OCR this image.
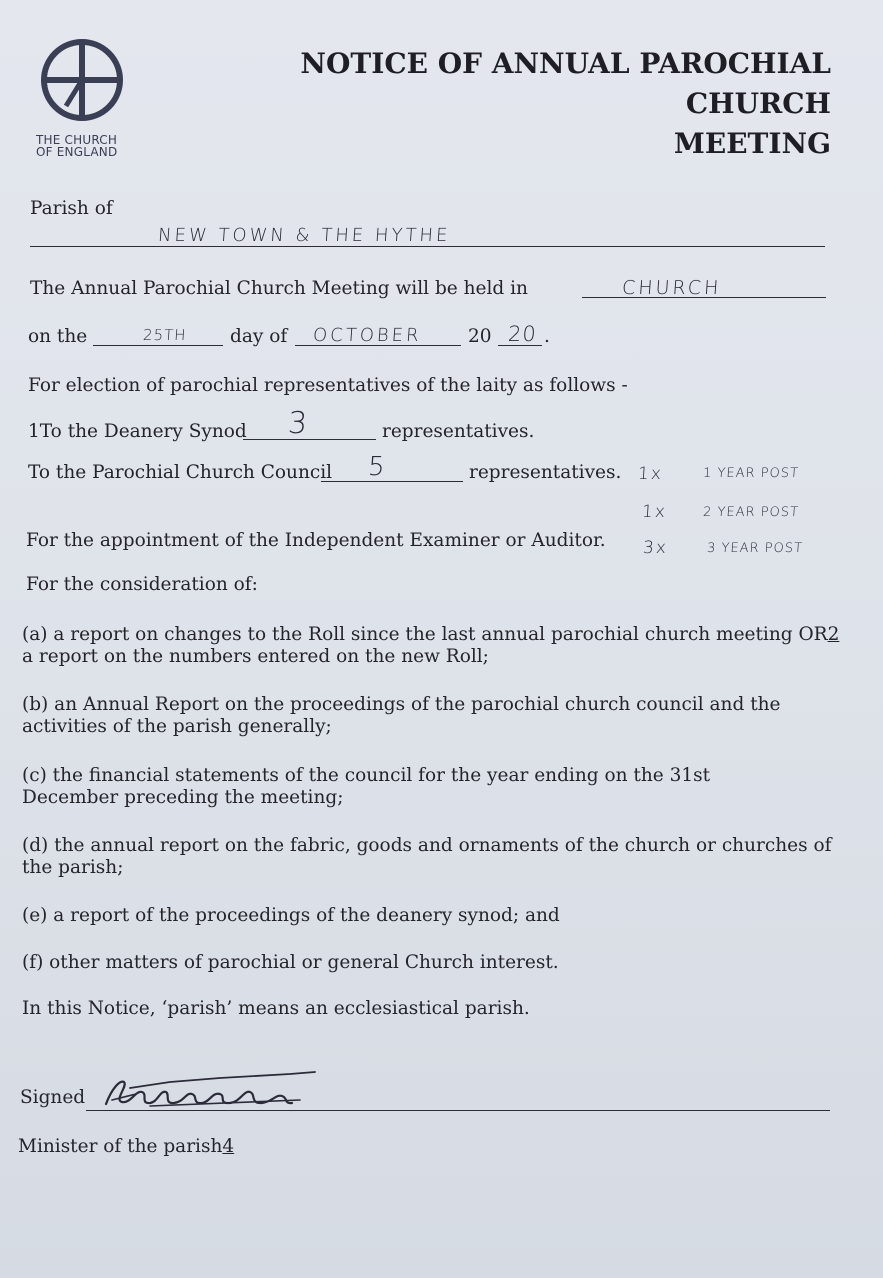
THE CHURCH
OF ENGLAND
NOTICE OF ANNUAL PAROCHIAL CHURCH
MEETING
Parish of
NEW TOWN & THE HYTHE
The Annual Parochial Church Meeting will be held in	CHURCH
on the	25TH day of OCTOBER 20 20 .
For election of parochial representatives of the laity as follows -
1To the Deanery Synod 3	representatives.
To the Parochial Church Council 5	representatives. 1x	1 YEAR POST
1x	2 YEAR POST
3x	3 YEAR POST
For the appointment of the Independent Examiner or Auditor.
For the consideration of:
(a) a report on changes to the Roll since the last annual parochial church meeting OR2 a report on the numbers entered on the new Roll;
(b) an Annual Report on the proceedings of the parochial church council and the activities of the parish generally;
(c) the financial statements of the council for the year ending on the 31st December preceding the meeting;
(d) the annual report on the fabric, goods and ornaments of the church or churches of the parish;
(e) a report of the proceedings of the deanery synod; and
(f) other matters of parochial or general Church interest.
In this Notice, ‘parish’ means an ecclesiastical parish.
Signed
Minister of the parish4
